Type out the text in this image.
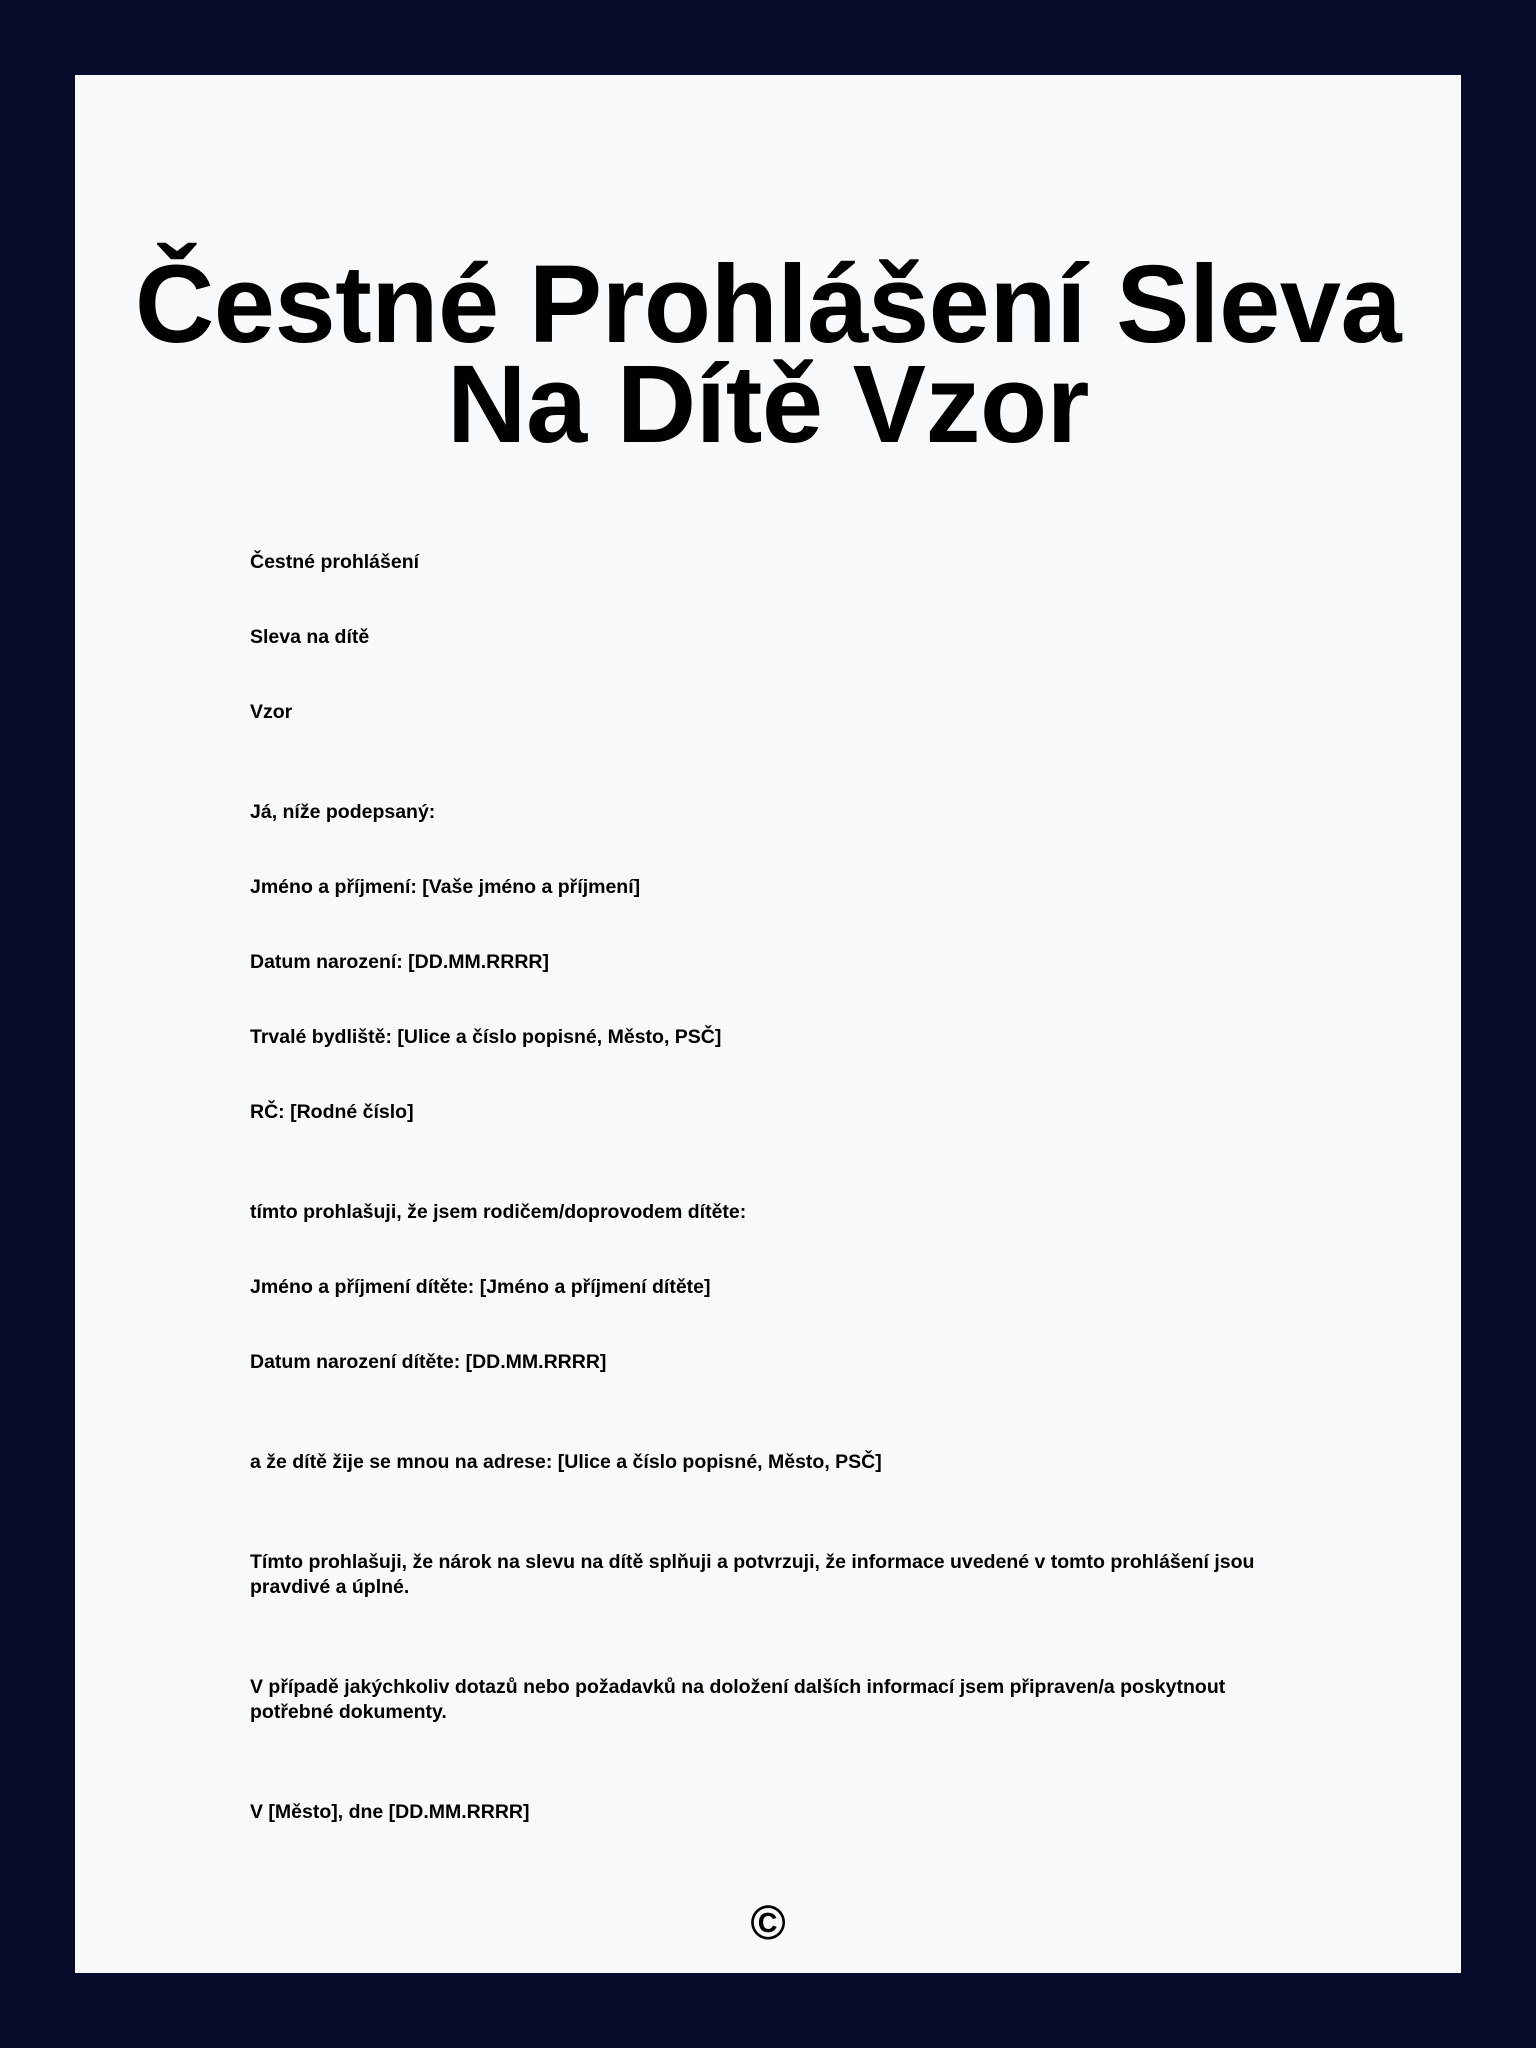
Čestné Prohlášení Sleva Na Dítě Vzor

Čestné prohlášení

Sleva na dítě

Vzor

Já, níže podepsaný:

Jméno a příjmení: [Vaše jméno a příjmení]

Datum narození: [DD.MM.RRRR]

Trvalé bydliště: [Ulice a číslo popisné, Město, PSČ]

RČ: [Rodné číslo]

tímto prohlašuji, že jsem rodičem/doprovodem dítěte:

Jméno a příjmení dítěte: [Jméno a příjmení dítěte]

Datum narození dítěte: [DD.MM.RRRR]

a že dítě žije se mnou na adrese: [Ulice a číslo popisné, Město, PSČ]

Tímto prohlašuji, že nárok na slevu na dítě splňuji a potvrzuji, že informace uvedené v tomto prohlášení jsou pravdivé a úplné.

V případě jakýchkoliv dotazů nebo požadavků na doložení dalších informací jsem připraven/a poskytnout potřebné dokumenty.

V [Město], dne [DD.MM.RRRR]

©
